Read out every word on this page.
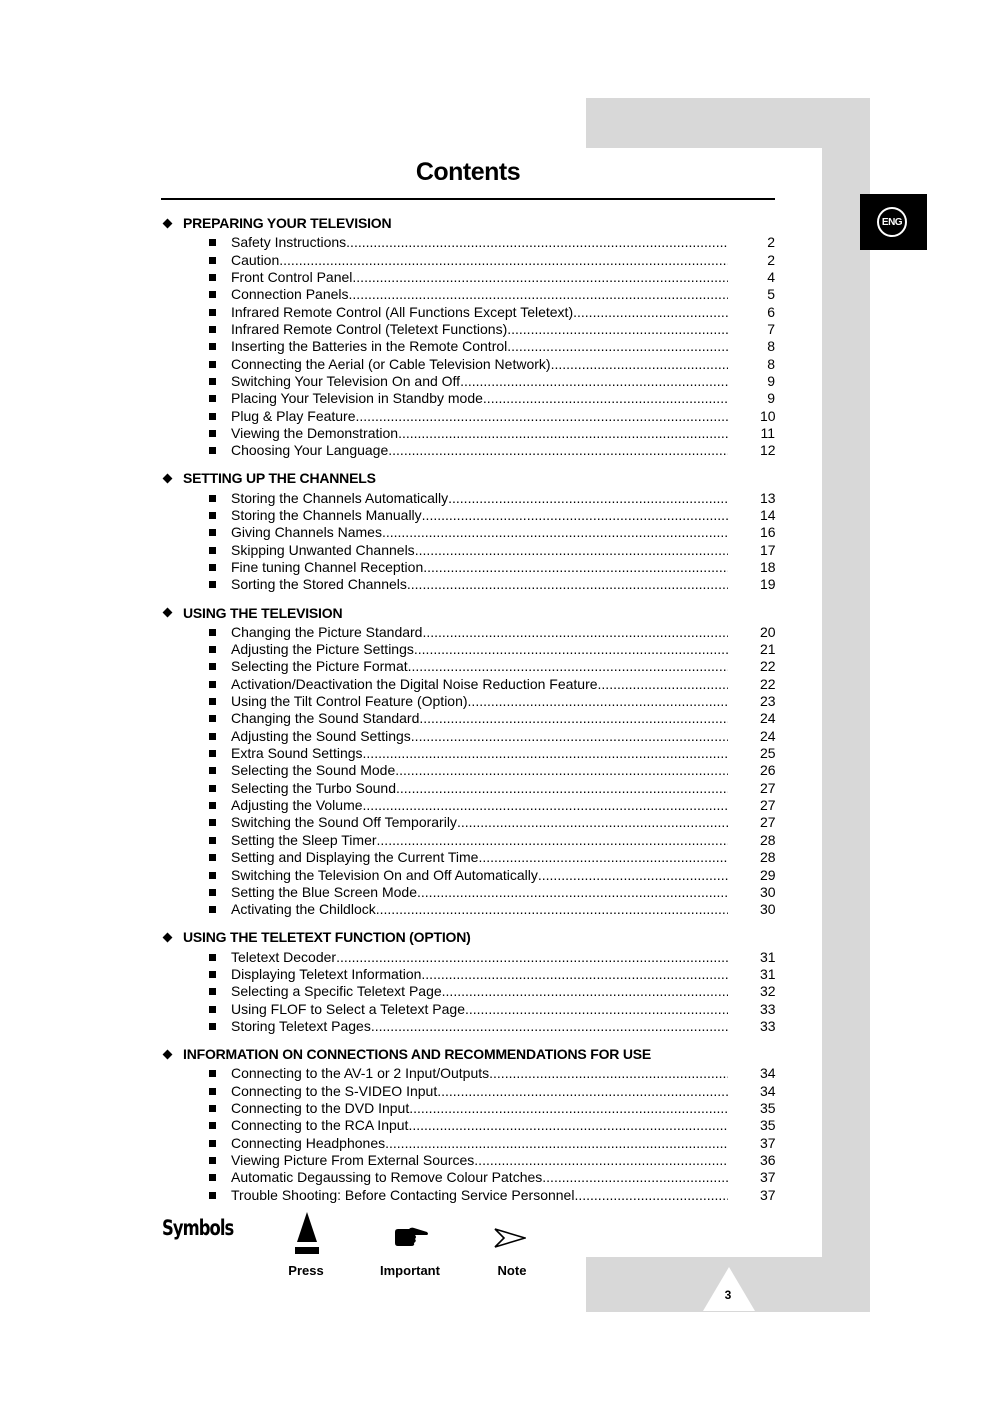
ENG
Contents
PREPARING YOUR TELEVISION
Safety Instructions .....	2
Caution .....	2
Front Control Panel .....	4
Connection Panels .....	5
Infrared Remote Control (All Functions Except Teletext) .....	6
Infrared Remote Control (Teletext Functions) .....	7
Inserting the Batteries in the Remote Control .....	8
Connecting the Aerial (or Cable Television Network) .....	8
Switching Your Television On and Off .....	9
Placing Your Television in Standby mode .....	9
Plug & Play Feature .....	10
Viewing the Demonstration .....	11
Choosing Your Language .....	12
SETTING UP THE CHANNELS
Storing the Channels Automatically .....	13
Storing the Channels Manually .....	14
Giving Channels Names .....	16
Skipping Unwanted Channels .....	17
Fine tuning Channel Reception .....	18
Sorting the Stored Channels .....	19
USING THE TELEVISION
Changing the Picture Standard .....	20
Adjusting the Picture Settings .....	21
Selecting the Picture Format .....	22
Activation/Deactivation the Digital Noise Reduction Feature .....	22
Using the Tilt Control Feature (Option) .....	23
Changing the Sound Standard .....	24
Adjusting the Sound Settings .....	24
Extra Sound Settings .....	25
Selecting the Sound Mode .....	26
Selecting the Turbo Sound .....	27
Adjusting the Volume .....	27
Switching the Sound Off Temporarily .....	27
Setting the Sleep Timer .....	28
Setting and Displaying the Current Time .....	28
Switching the Television On and Off Automatically .....	29
Setting the Blue Screen Mode .....	30
Activating the Childlock .....	30
USING THE TELETEXT FUNCTION (OPTION)
Teletext Decoder .....	31
Displaying Teletext Information .....	31
Selecting a Specific Teletext Page .....	32
Using FLOF to Select a Teletext Page .....	33
Storing Teletext Pages .....	33
INFORMATION ON CONNECTIONS AND RECOMMENDATIONS FOR USE
Connecting to the AV-1 or 2 Input/Outputs .....	34
Connecting to the S-VIDEO Input .....	34
Connecting to the DVD Input .....	35
Connecting to the RCA Input .....	35
Connecting Headphones .....	37
Viewing Picture From External Sources .....	36
Automatic Degaussing to Remove Colour Patches .....	37
Trouble Shooting: Before Contacting Service Personnel .....	37
Symbols
Press	Important	Note
3
